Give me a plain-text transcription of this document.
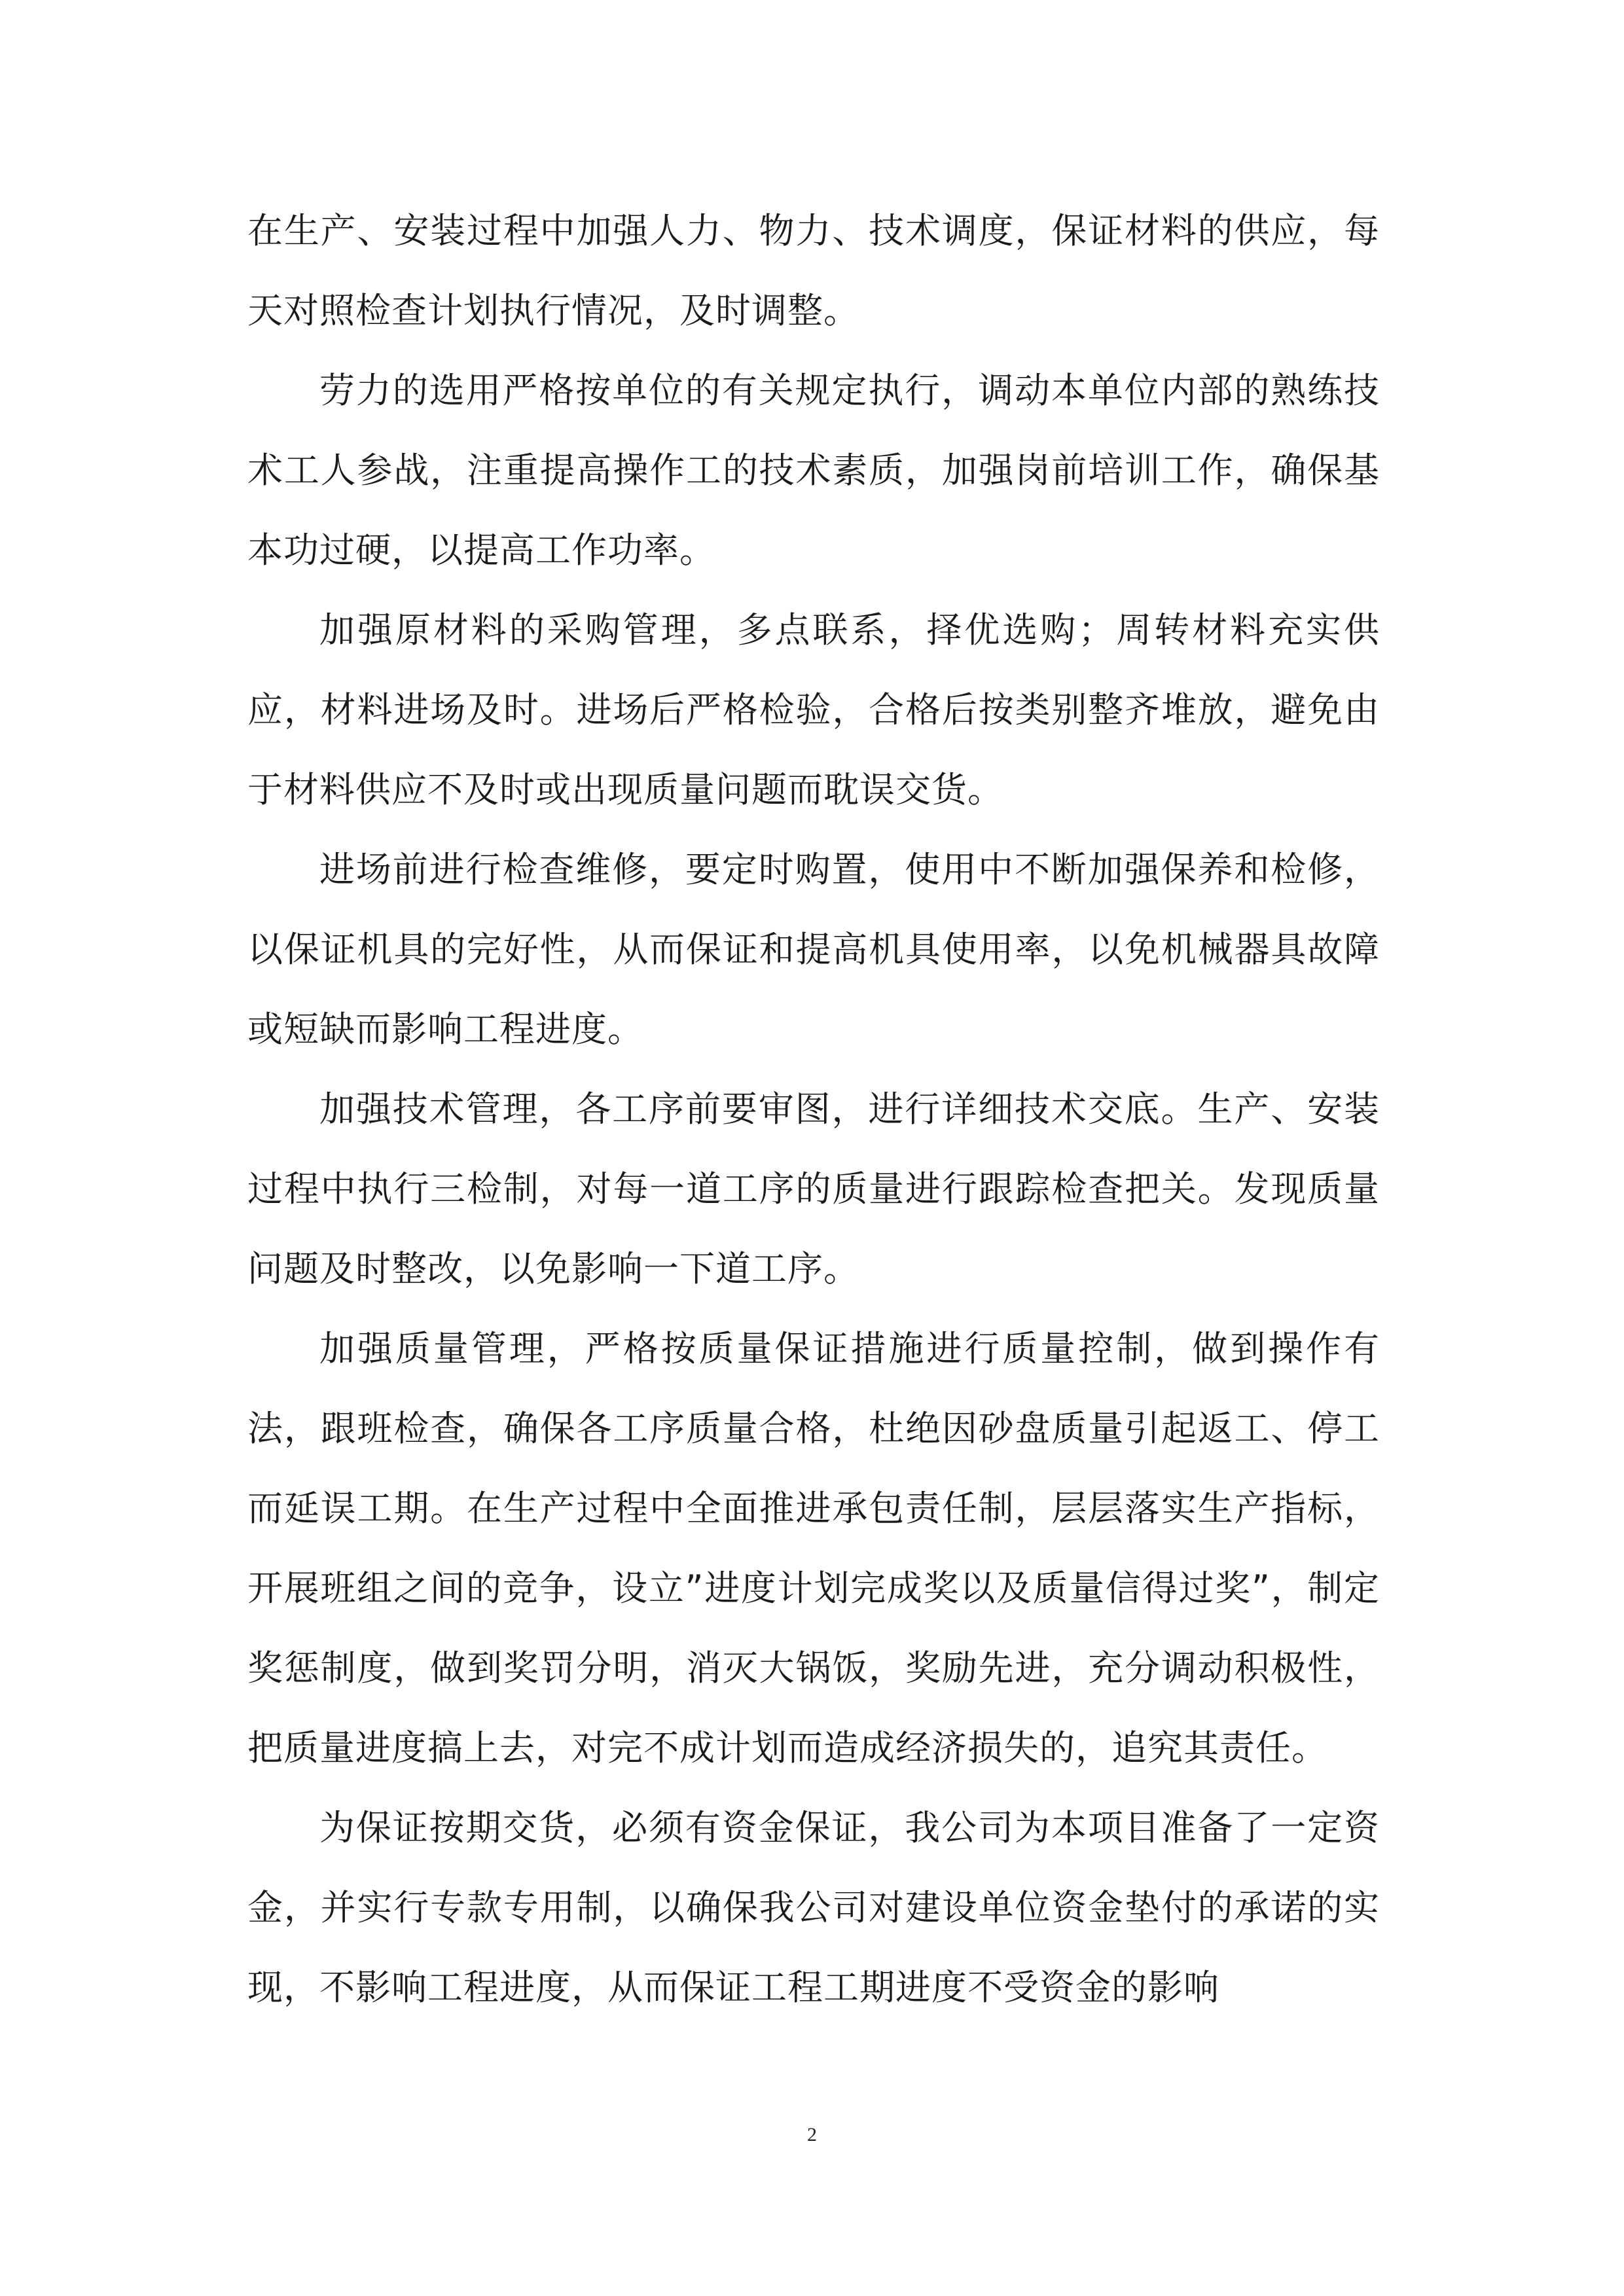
在生产、安装过程中加强人力、物力、技术调度，保证材料的供应，每天对照检查计划执行情况，及时调整。

劳力的选用严格按单位的有关规定执行，调动本单位内部的熟练技术工人参战，注重提高操作工的技术素质，加强岗前培训工作，确保基本功过硬，以提高工作功率。

加强原材料的采购管理，多点联系，择优选购；周转材料充实供应，材料进场及时。进场后严格检验，合格后按类别整齐堆放，避免由于材料供应不及时或出现质量问题而耽误交货。

进场前进行检查维修，要定时购置，使用中不断加强保养和检修，以保证机具的完好性，从而保证和提高机具使用率，以免机械器具故障或短缺而影响工程进度。

加强技术管理，各工序前要审图，进行详细技术交底。生产、安装过程中执行三检制，对每一道工序的质量进行跟踪检查把关。发现质量问题及时整改，以免影响一下道工序。

加强质量管理，严格按质量保证措施进行质量控制，做到操作有法，跟班检查，确保各工序质量合格，杜绝因砂盘质量引起返工、停工而延误工期。在生产过程中全面推进承包责任制，层层落实生产指标，开展班组之间的竞争，设立”进度计划完成奖以及质量信得过奖”，制定奖惩制度，做到奖罚分明，消灭大锅饭，奖励先进，充分调动积极性，把质量进度搞上去，对完不成计划而造成经济损失的，追究其责任。

为保证按期交货，必须有资金保证，我公司为本项目准备了一定资金，并实行专款专用制，以确保我公司对建设单位资金垫付的承诺的实现，不影响工程进度，从而保证工程工期进度不受资金的影响

2
